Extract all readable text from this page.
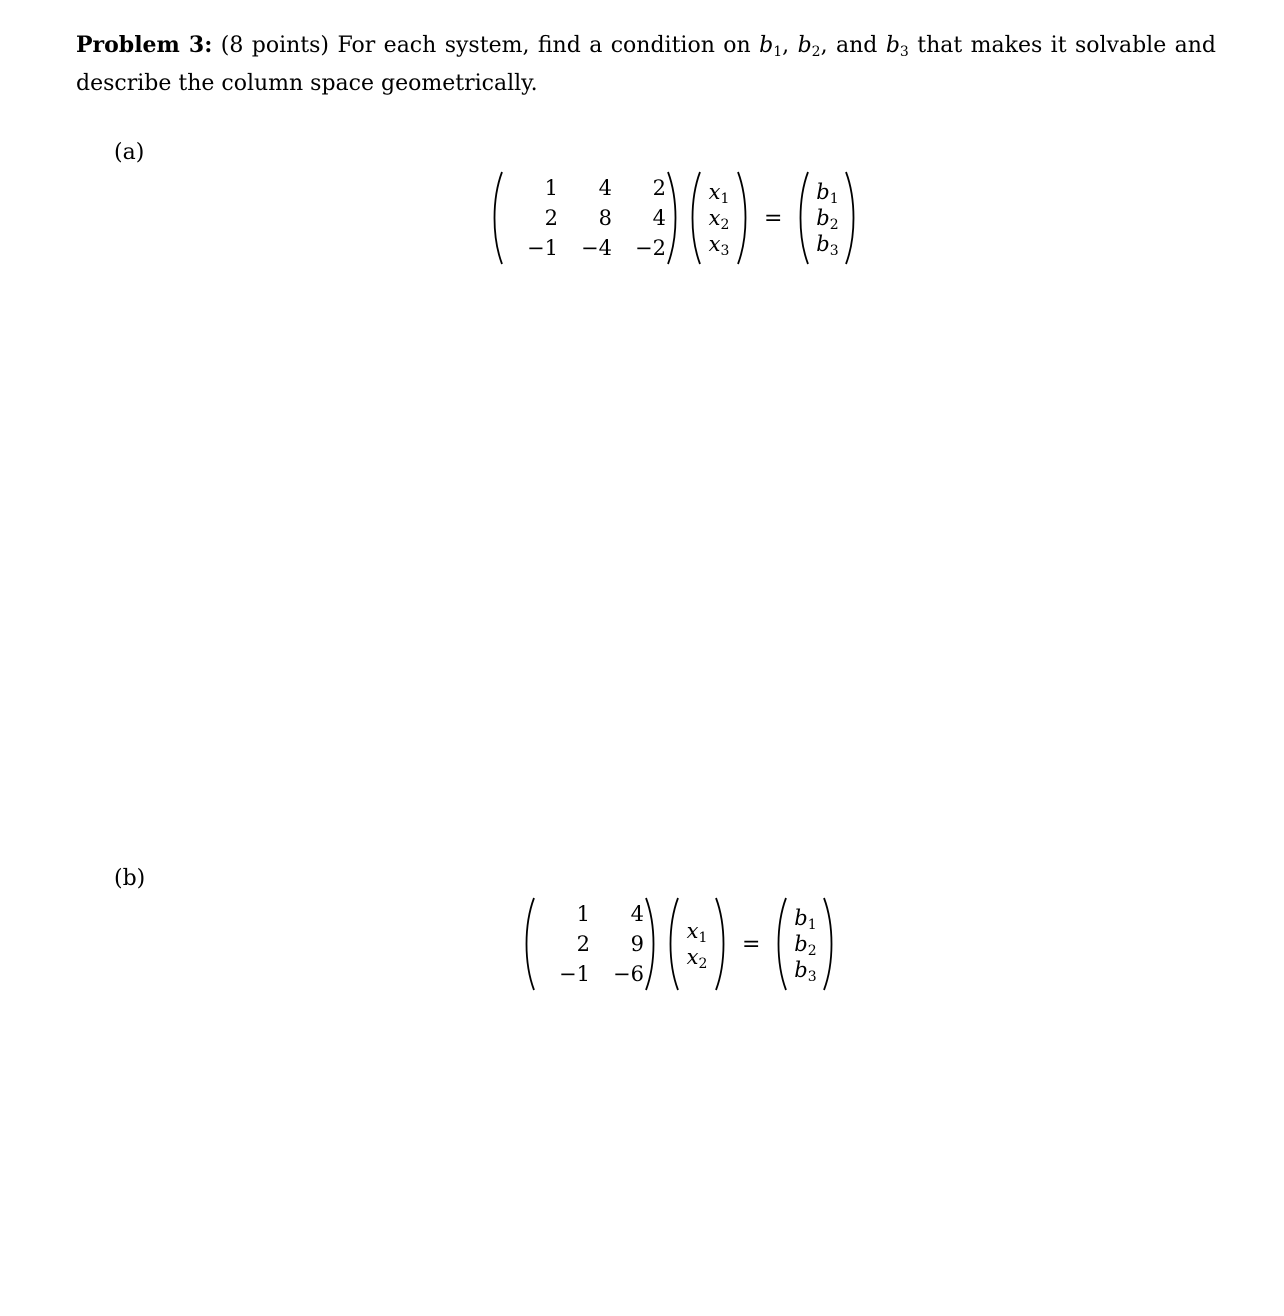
Problem 3: (8 points) For each system, find a condition on $b_1$, $b_2$, and $b_3$ that makes it solvable and describe the column space geometrically.
(a)
1	4	2
2	8	4
−1	−4	−2
$x_1$
$x_2$
$x_3$
=
$b_1$
$b_2$
$b_3$
(b)
1	4
2	9
−1	−6
$x_1$
$x_2$
=
$b_1$
$b_2$
$b_3$
